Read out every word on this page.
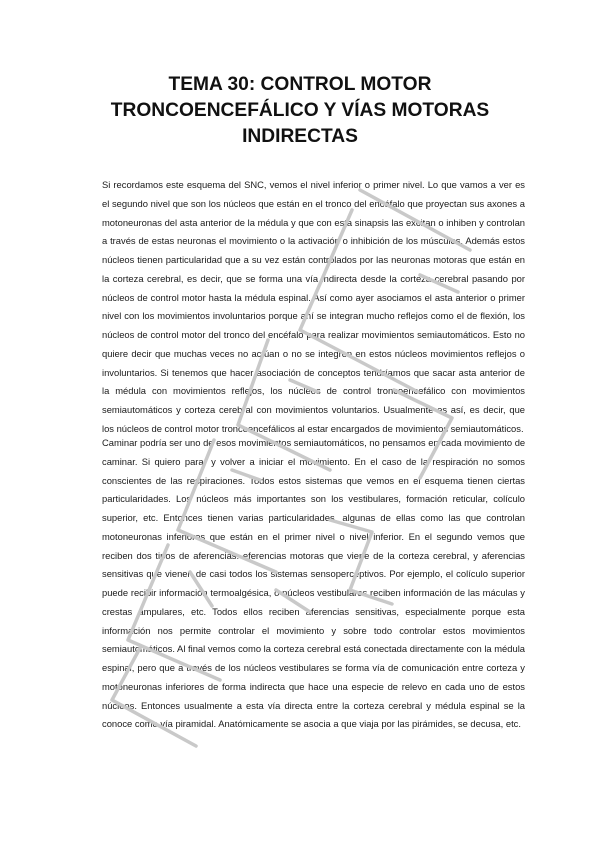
TEMA 30: CONTROL MOTOR
TRONCOENCEFÁLICO Y VÍAS MOTORAS
INDIRECTAS
Si recordamos este esquema del SNC, vemos el nivel inferior o primer nivel. Lo que vamos a ver es
el segundo nivel que son los núcleos que están en el tronco del encéfalo que proyectan sus axones a
motoneuronas del asta anterior de la médula y que con esta sinapsis las excitan o inhiben y controlan
a través de estas neuronas el movimiento o la activación o inhibición de los músculos. Además estos
núcleos tienen particularidad que a su vez están controlados por las neuronas motoras que están en
la corteza cerebral, es decir, que se forma una vía indirecta desde la corteza cerebral pasando por
núcleos de control motor hasta la médula espinal. Así como ayer asociamos el asta anterior o primer
nivel con los movimientos involuntarios porque ahí se integran mucho reflejos como el de flexión, los
núcleos de control motor del tronco del encéfalo para realizar movimientos semiautomáticos. Esto no
quiere decir que muchas veces no actúan o no se integren en estos núcleos movimientos reflejos o
involuntarios. Si tenemos que hacer asociación de conceptos tendríamos que sacar asta anterior de
la médula con movimientos reflejos, los núcleos de control troncoencefálico con movimientos
semiautomáticos y corteza cerebral con movimientos voluntarios. Usualmente es así, es decir, que
los núcleos de control motor troncoencefálicos al estar encargados de movimientos semiautomáticos.
Caminar podría ser uno de esos movimientos semiautomáticos, no pensamos en cada movimiento de
caminar. Si quiero parar y volver a iniciar el movimiento. En el caso de la respiración no somos
conscientes de las respiraciones. Todos estos sistemas que vemos en el esquema tienen ciertas
particularidades. Los núcleos más importantes son los vestibulares, formación reticular, colículo
superior, etc. Entonces tienen varias particularidades, algunas de ellas como las que controlan
motoneuronas inferiores que están en el primer nivel o nivel inferior. En el segundo vemos que
reciben dos tipos de aferencias: eferencias motoras que viene de la corteza cerebral, y aferencias
sensitivas que vienen de casi todos los sistemas sensoperceptivos. Por ejemplo, el colículo superior
puede recibir información termoalgésica, o núcleos vestibulares reciben información de las máculas y
crestas ampulares, etc. Todos ellos reciben aferencias sensitivas, especialmente porque esta
información nos permite controlar el movimiento y sobre todo controlar estos movimientos
semiautomáticos. Al final vemos como la corteza cerebral está conectada directamente con la médula
espinal, pero que a través de los núcleos vestibulares se forma vía de comunicación entre corteza y
motoneuronas inferiores de forma indirecta que hace una especie de relevo en cada uno de estos
núcleos. Entonces usualmente a esta vía directa entre la corteza cerebral y médula espinal se la
conoce como vía piramidal. Anatómicamente se asocia a que viaja por las pirámides, se decusa, etc.
